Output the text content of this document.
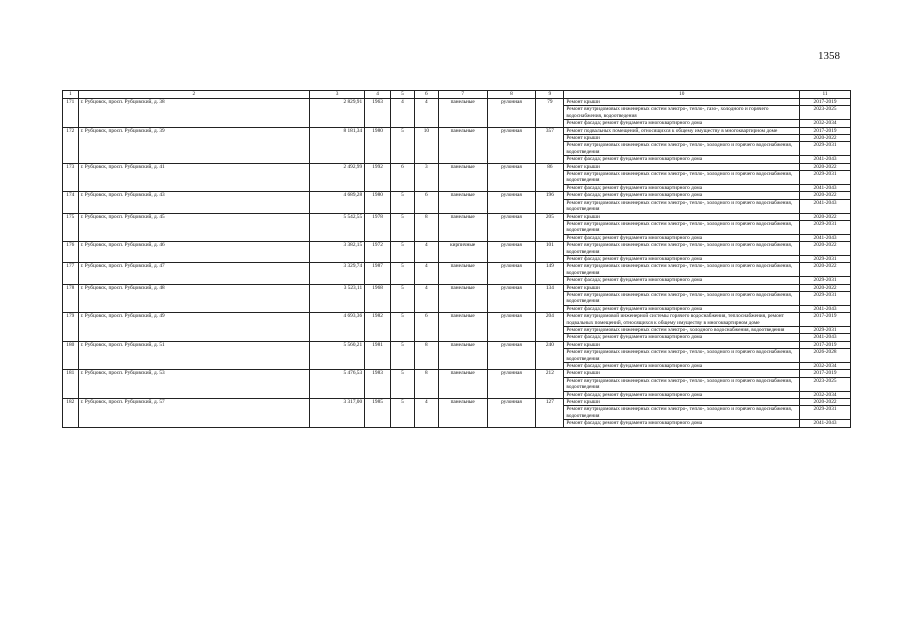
1358
1	2	3	4	5	6	7	8	9	10	11
171	г. Рубцовск, просп. Рубцовский, д. 38	2 829,91	1963	4	4	панельные	рулонная	79	Ремонт крыши	2017-2019
									Ремонт внутридомовых инженерных систем электро-, тепло-, газо-, холодного и горячего водоснабжения, водоотведения	2023-2025
									Ремонт фасада; ремонт фундамента многоквартирного дома	2032-2034
172	г. Рубцовск, просп. Рубцовский, д. 39	8 181,34	1980	5	10	панельные	рулонная	357	Ремонт подвальных помещений, относящихся к общему имуществу в многоквартирном доме	2017-2019
									Ремонт крыши	2020-2022
									Ремонт внутридомовых инженерных систем электро-, тепло-, холодного и горячего водоснабжения, водоотведения	2029-2031
									Ремонт фасада; ремонт фундамента многоквартирного дома	2041-2043
173	г. Рубцовск, просп. Рубцовский, д. 41	2 492,99	1992	6	3	панельные	рулонная	86	Ремонт крыши	2020-2022
									Ремонт внутридомовых инженерных систем электро-, тепло-, холодного и горячего водоснабжения, водоотведения	2029-2031
									Ремонт фасада; ремонт фундамента многоквартирного дома	2041-2043
174	г. Рубцовск, просп. Рубцовский, д. 43	4 689,28	1980	5	6	панельные	рулонная	196	Ремонт фасада; ремонт фундамента многоквартирного дома	2020-2022
									Ремонт внутридомовых инженерных систем электро-, тепло-, холодного и горячего водоснабжения, водоотведения	2041-2043
175	г. Рубцовск, просп. Рубцовский, д. 45	5 542,55	1978	5	8	панельные	рулонная	205	Ремонт крыши	2020-2022
									Ремонт внутридомовых инженерных систем электро-, тепло-, холодного и горячего водоснабжения, водоотведения	2029-2031
									Ремонт фасада; ремонт фундамента многоквартирного дома	2041-2043
176	г. Рубцовск, просп. Рубцовский, д. 46	3 382,15	1972	5	4	кирпичные	рулонная	101	Ремонт внутридомовых инженерных систем электро-, тепло-, холодного и горячего водоснабжения, водоотведения	2020-2022
									Ремонт фасада; ремонт фундамента многоквартирного дома	2029-2031
177	г. Рубцовск, просп. Рубцовский, д. 47	3 329,74	1987	5	4	панельные	рулонная	149	Ремонт внутридомовых инженерных систем электро-, тепло-, холодного и горячего водоснабжения, водоотведения	2020-2022
									Ремонт фасада; ремонт фундамента многоквартирного дома	2029-2031
178	г. Рубцовск, просп. Рубцовский, д. 48	3 523,11	1968	5	4	панельные	рулонная	134	Ремонт крыши	2020-2022
									Ремонт внутридомовых инженерных систем электро-, тепло-, холодного и горячего водоснабжения, водоотведения	2029-2031
									Ремонт фасада; ремонт фундамента многоквартирного дома	2041-2043
179	г. Рубцовск, просп. Рубцовский, д. 49	4 693,36	1982	5	6	панельные	рулонная	204	Ремонт внутридомовой инженерной системы горячего водоснабжения, теплоснабжения, ремонт подвальных помещений, относящихся к общему имуществу в многоквартирном доме	2017-2019
									Ремонт внутридомовых инженерных систем электро-, холодного водоснабжения, водоотведения	2029-2031
									Ремонт фасада; ремонт фундамента многоквартирного дома	2041-2043
180	г. Рубцовск, просп. Рубцовский, д. 51	5 560,21	1981	5	8	панельные	рулонная	240	Ремонт крыши	2017-2019
									Ремонт внутридомовых инженерных систем электро-, тепло-, холодного и горячего водоснабжения, водоотведения	2026-2028
									Ремонт фасада; ремонт фундамента многоквартирного дома	2032-2034
181	г. Рубцовск, просп. Рубцовский, д. 53	5 476,53	1983	5	8	панельные	рулонная	212	Ремонт крыши	2017-2019
									Ремонт внутридомовых инженерных систем электро-, тепло-, холодного и горячего водоснабжения, водоотведения	2023-2025
									Ремонт фасада; ремонт фундамента многоквартирного дома	2032-2034
182	г. Рубцовск, просп. Рубцовский, д. 57	3 317,00	1985	5	4	панельные	рулонная	127	Ремонт крыши	2020-2022
									Ремонт внутридомовых инженерных систем электро-, тепло-, холодного и горячего водоснабжения, водоотведения	2029-2031
									Ремонт фасада; ремонт фундамента многоквартирного дома	2041-2043
